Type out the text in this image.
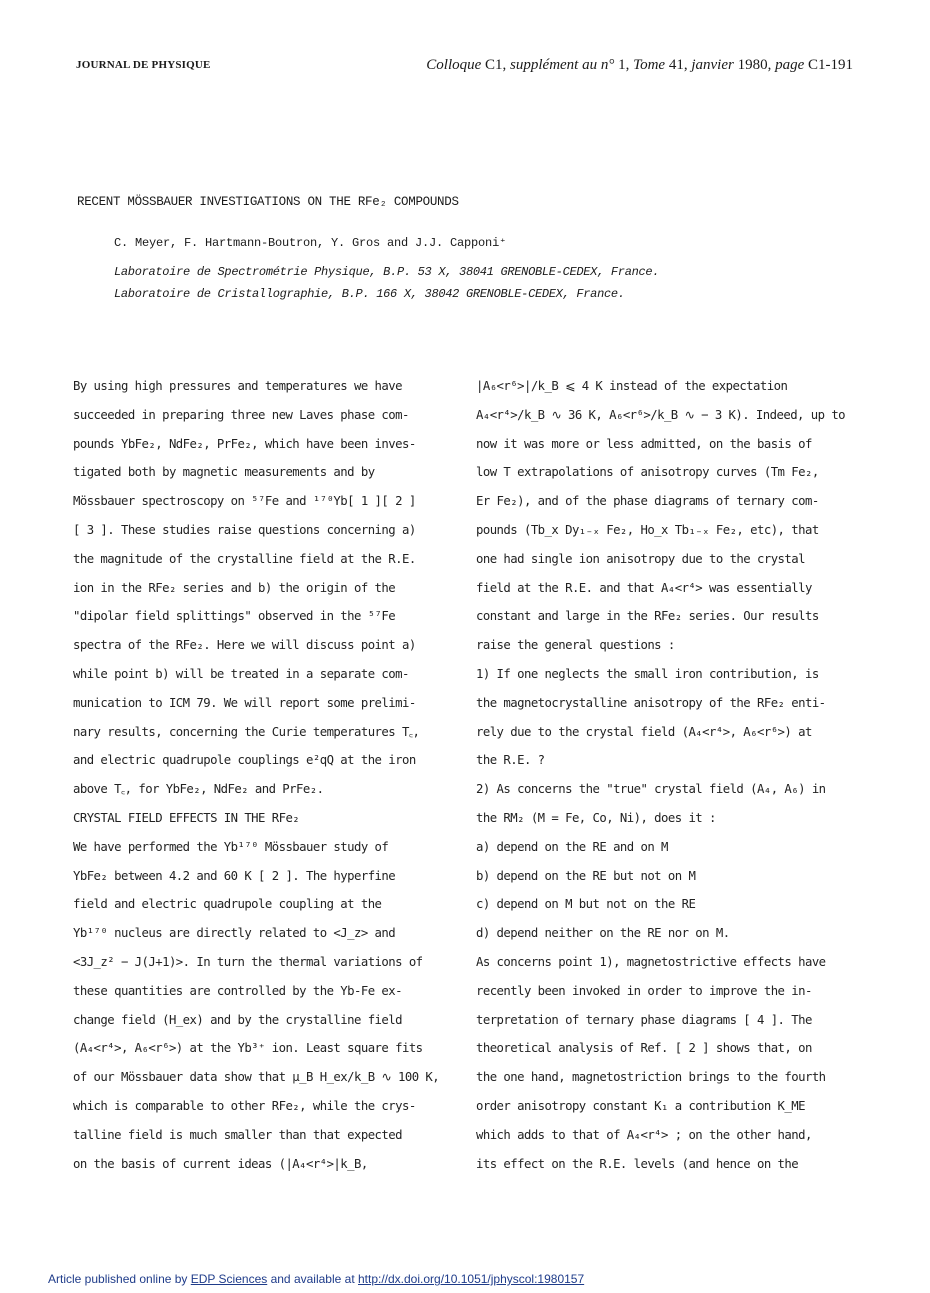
JOURNAL DE PHYSIQUE	Colloque C1, supplément au n° 1, Tome 41, janvier 1980, page C1-191
RECENT MÖSSBAUER INVESTIGATIONS ON THE RFe₂ COMPOUNDS
C. Meyer, F. Hartmann-Boutron, Y. Gros and J.J. Capponi⁺
Laboratoire de Spectrométrie Physique, B.P. 53 X, 38041 GRENOBLE-CEDEX, France.
Laboratoire de Cristallographie, B.P. 166 X, 38042 GRENOBLE-CEDEX, France.
By using high pressures and temperatures we have
succeeded in preparing three new Laves phase com-
pounds YbFe₂, NdFe₂, PrFe₂, which have been inves-
tigated both by magnetic measurements and by
Mössbauer spectroscopy on ⁵⁷Fe and ¹⁷⁰Yb[ 1 ][ 2 ]
[ 3 ]. These studies raise questions concerning a)
the magnitude of the crystalline field at the R.E.
ion in the RFe₂ series and b) the origin of the
"dipolar field splittings" observed in the ⁵⁷Fe
spectra of the RFe₂. Here we will discuss point a)
while point b) will be treated in a separate com-
munication to ICM 79. We will report some prelimi-
nary results, concerning the Curie temperatures T꜀,
and electric quadrupole couplings e²qQ at the iron
above T꜀, for YbFe₂, NdFe₂ and PrFe₂.
CRYSTAL FIELD EFFECTS IN THE RFe₂
We have performed the Yb¹⁷⁰ Mössbauer study of
YbFe₂ between 4.2 and 60 K [ 2 ]. The hyperfine
field and electric quadrupole coupling at the
Yb¹⁷⁰ nucleus are directly related to <J_z> and
<3J_z² − J(J+1)>. In turn the thermal variations of
these quantities are controlled by the Yb-Fe ex-
change field (H_ex) and by the crystalline field
(A₄<r⁴>, A₆<r⁶>) at the Yb³⁺ ion. Least square fits
of our Mössbauer data show that μ_B H_ex/k_B ∿ 100 K,
which is comparable to other RFe₂, while the crys-
talline field is much smaller than that expected
on the basis of current ideas (|A₄<r⁴>|k_B,
|A₆<r⁶>|/k_B ⩽ 4 K instead of the expectation
A₄<r⁴>/k_B ∿ 36 K, A₆<r⁶>/k_B ∿ − 3 K). Indeed, up to
now it was more or less admitted, on the basis of
low T extrapolations of anisotropy curves (Tm Fe₂,
Er Fe₂), and of the phase diagrams of ternary com-
pounds (Tb_x Dy₁₋ₓ Fe₂, Ho_x Tb₁₋ₓ Fe₂, etc), that
one had single ion anisotropy due to the crystal
field at the R.E. and that A₄<r⁴> was essentially
constant and large in the RFe₂ series. Our results
raise the general questions :
1) If one neglects the small iron contribution, is
the magnetocrystalline anisotropy of the RFe₂ enti-
rely due to the crystal field (A₄<r⁴>, A₆<r⁶>) at
the R.E. ?
2) As concerns the "true" crystal field (A₄, A₆) in
the RM₂ (M = Fe, Co, Ni), does it :
a) depend on the RE and on M
b) depend on the RE but not on M
c) depend on M but not on the RE
d) depend neither on the RE nor on M.
As concerns point 1), magnetostrictive effects have
recently been invoked in order to improve the in-
terpretation of ternary phase diagrams [ 4 ]. The
theoretical analysis of Ref. [ 2 ] shows that, on
the one hand, magnetostriction brings to the fourth
order anisotropy constant K₁ a contribution K_ME
which adds to that of A₄<r⁴> ; on the other hand,
its effect on the R.E. levels (and hence on the
Article published online by EDP Sciences and available at http://dx.doi.org/10.1051/jphyscol:1980157
